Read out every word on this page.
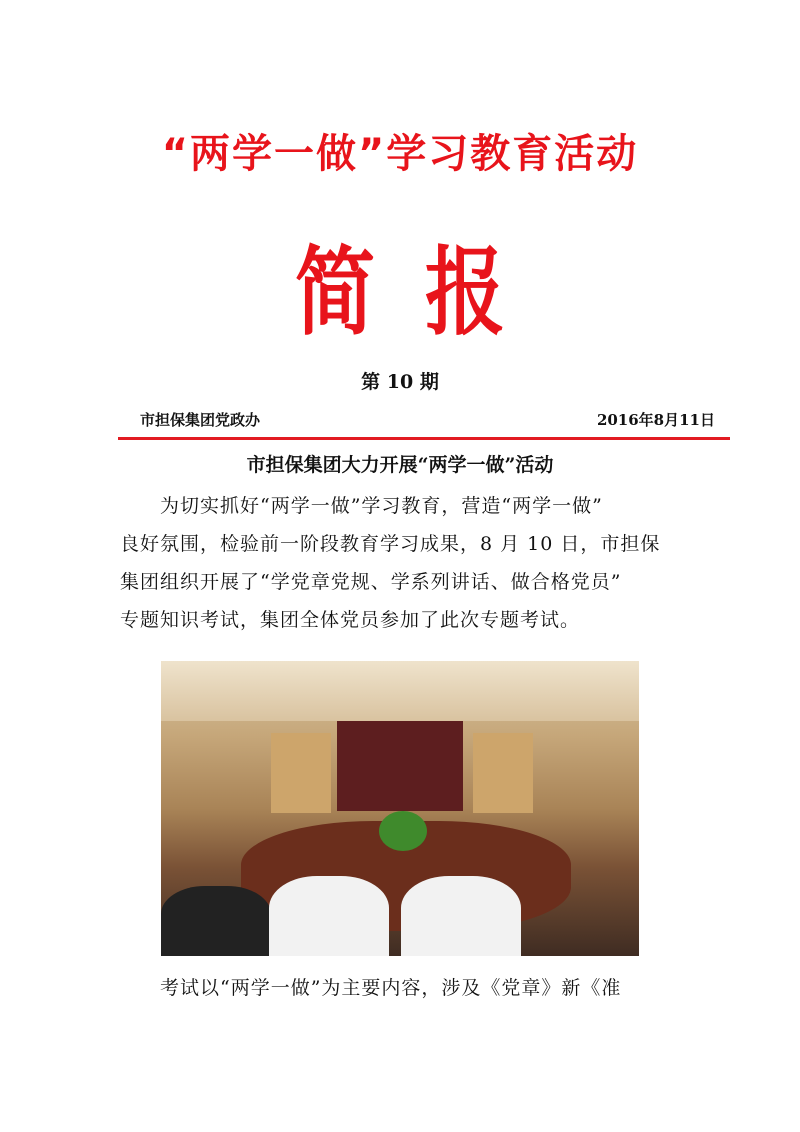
“两学一做”学习教育活动
简报
第 10 期
市担保集团党政办	2016年8月11日
市担保集团大力开展“两学一做”活动
为切实抓好“两学一做”学习教育，营造“两学一做”
良好氛围，检验前一阶段教育学习成果，8 月 10 日，市担保
集团组织开展了“学党章党规、学系列讲话、做合格党员”
专题知识考试，集团全体党员参加了此次专题考试。
考试以“两学一做”为主要内容，涉及《党章》新《准
